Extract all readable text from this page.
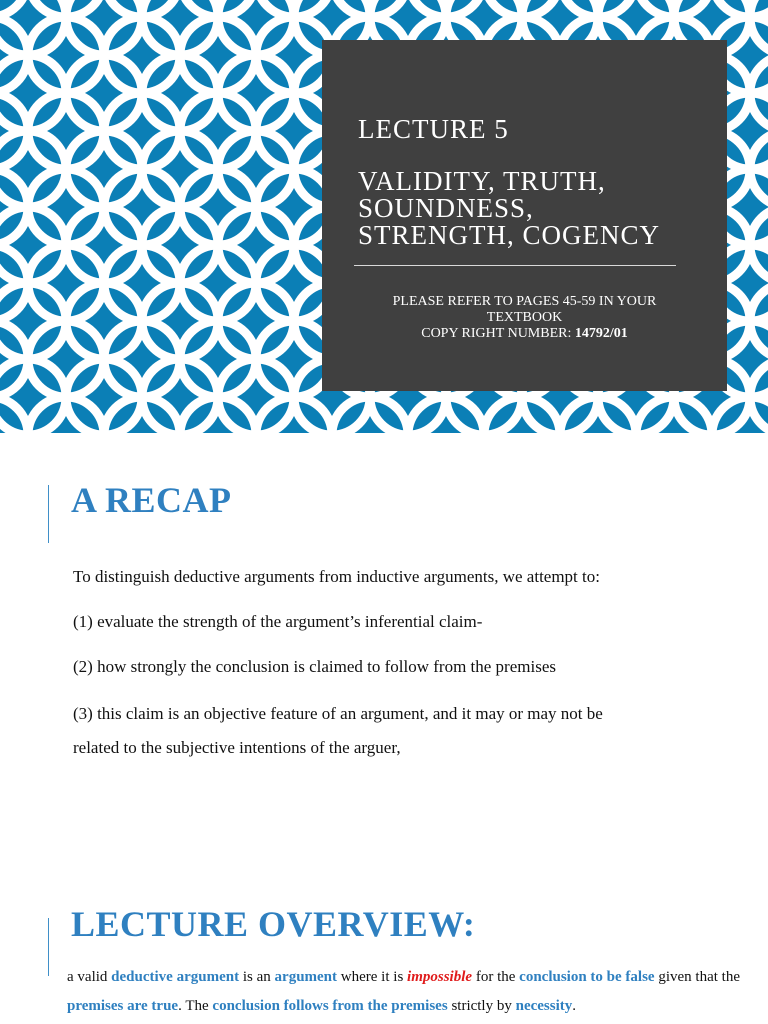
LECTURE 5
VALIDITY, TRUTH,
SOUNDNESS,
STRENGTH, COGENCY
PLEASE REFER TO PAGES 45-59 IN YOUR
TEXTBOOK
COPY RIGHT NUMBER: 14792/01
A RECAP
To distinguish deductive arguments from inductive arguments, we attempt to:
(1) evaluate the strength of the argument’s inferential claim-
(2) how strongly the conclusion is claimed to follow from the premises
(3) this claim is an objective feature of an argument, and it may or may not be
related to the subjective intentions of the arguer,
LECTURE OVERVIEW:
a valid deductive argument is an argument where it is impossible for the conclusion to be false given that the premises are true. The conclusion follows from the premises strictly by necessity.
